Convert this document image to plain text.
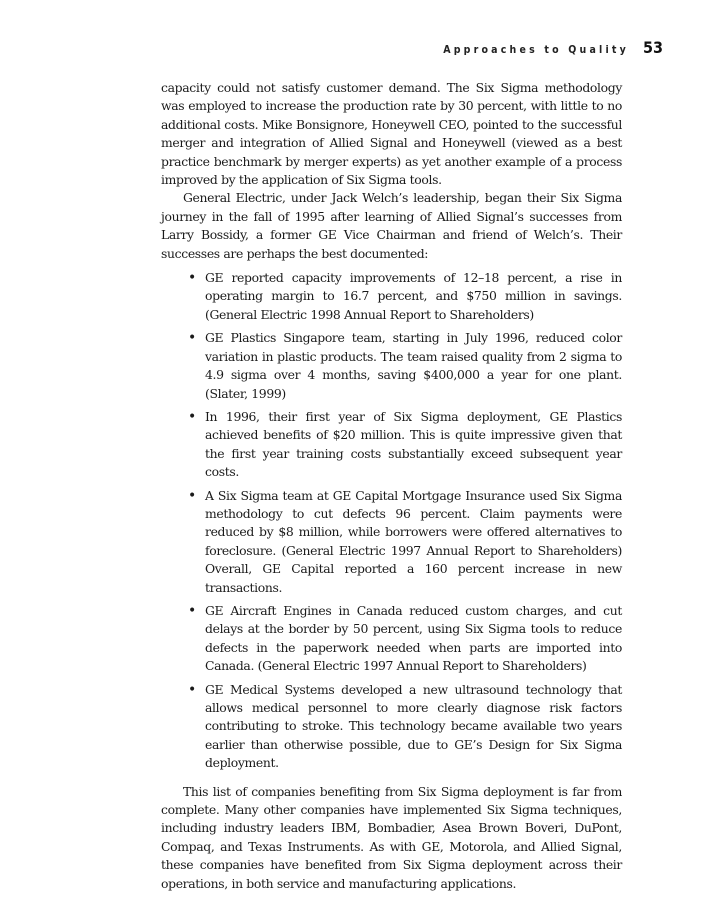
Approaches to Quality 53

capacity could not satisfy customer demand. The Six Sigma methodology was employed to increase the production rate by 30 percent, with little to no additional costs. Mike Bonsignore, Honeywell CEO, pointed to the successful merger and integration of Allied Signal and Honeywell (viewed as a best practice benchmark by merger experts) as yet another example of a process improved by the application of Six Sigma tools.

General Electric, under Jack Welch’s leadership, began their Six Sigma journey in the fall of 1995 after learning of Allied Signal’s successes from Larry Bossidy, a former GE Vice Chairman and friend of Welch’s. Their successes are perhaps the best documented:

• GE reported capacity improvements of 12–18 percent, a rise in operating margin to 16.7 percent, and $750 million in savings. (General Electric 1998 Annual Report to Shareholders)
• GE Plastics Singapore team, starting in July 1996, reduced color variation in plastic products. The team raised quality from 2 sigma to 4.9 sigma over 4 months, saving $400,000 a year for one plant. (Slater, 1999)
• In 1996, their first year of Six Sigma deployment, GE Plastics achieved benefits of $20 million. This is quite impressive given that the first year training costs substantially exceed subsequent year costs.
• A Six Sigma team at GE Capital Mortgage Insurance used Six Sigma methodology to cut defects 96 percent. Claim payments were reduced by $8 million, while borrowers were offered alternatives to foreclosure. (General Electric 1997 Annual Report to Shareholders) Overall, GE Capital reported a 160 percent increase in new transactions.
• GE Aircraft Engines in Canada reduced custom charges, and cut delays at the border by 50 percent, using Six Sigma tools to reduce defects in the paperwork needed when parts are imported into Canada. (General Electric 1997 Annual Report to Shareholders)
• GE Medical Systems developed a new ultrasound technology that allows medical personnel to more clearly diagnose risk factors contributing to stroke. This technology became available two years earlier than otherwise possible, due to GE’s Design for Six Sigma deployment.

This list of companies benefiting from Six Sigma deployment is far from complete. Many other companies have implemented Six Sigma techniques, including industry leaders IBM, Bombadier, Asea Brown Boveri, DuPont, Compaq, and Texas Instruments. As with GE, Motorola, and Allied Signal, these companies have benefited from Six Sigma deployment across their operations, in both service and manufacturing applications.
